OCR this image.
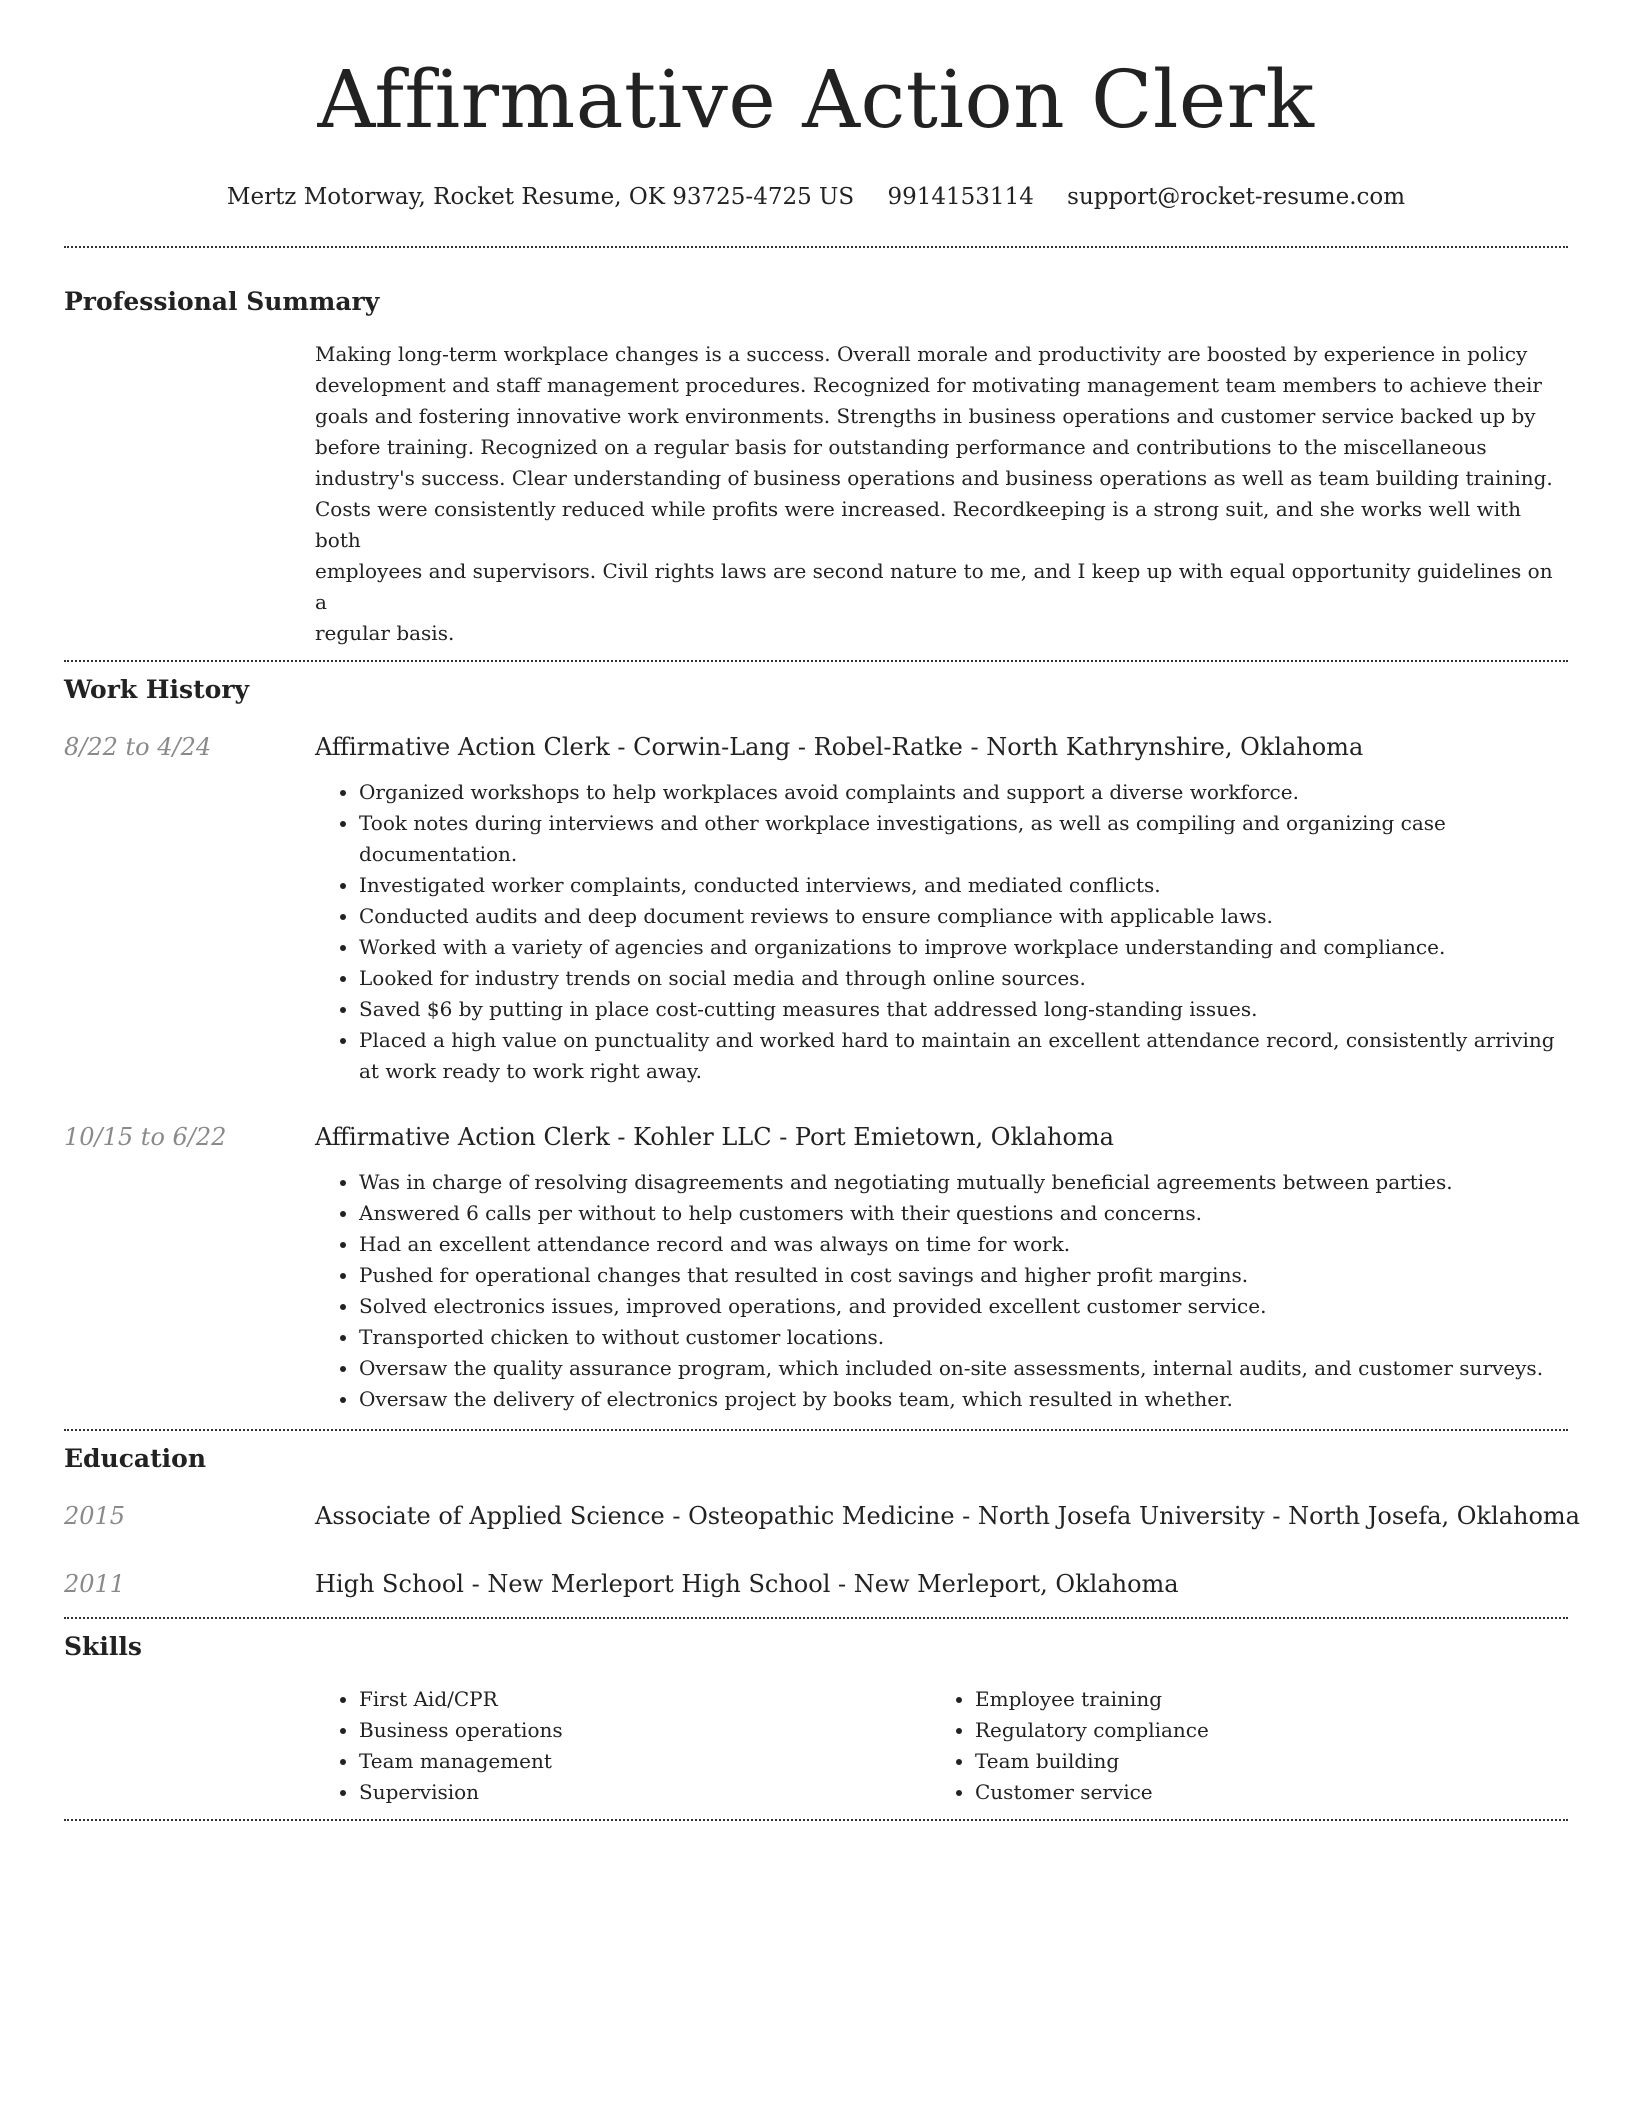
Affirmative Action Clerk
Mertz Motorway, Rocket Resume, OK 93725-4725 US 9914153114 support@rocket-resume.com
Professional Summary
Making long-term workplace changes is a success. Overall morale and productivity are boosted by experience in policy
development and staff management procedures. Recognized for motivating management team members to achieve their
goals and fostering innovative work environments. Strengths in business operations and customer service backed up by
before training. Recognized on a regular basis for outstanding performance and contributions to the miscellaneous
industry's success. Clear understanding of business operations and business operations as well as team building training.
Costs were consistently reduced while profits were increased. Recordkeeping is a strong suit, and she works well with both
employees and supervisors. Civil rights laws are second nature to me, and I keep up with equal opportunity guidelines on a
regular basis.
Work History
8/22 to 4/24	Affirmative Action Clerk - Corwin-Lang - Robel-Ratke - North Kathrynshire, Oklahoma
• Organized workshops to help workplaces avoid complaints and support a diverse workforce.
• Took notes during interviews and other workplace investigations, as well as compiling and organizing case documentation.
• Investigated worker complaints, conducted interviews, and mediated conflicts.
• Conducted audits and deep document reviews to ensure compliance with applicable laws.
• Worked with a variety of agencies and organizations to improve workplace understanding and compliance.
• Looked for industry trends on social media and through online sources.
• Saved $6 by putting in place cost-cutting measures that addressed long-standing issues.
• Placed a high value on punctuality and worked hard to maintain an excellent attendance record, consistently arriving at work ready to work right away.
10/15 to 6/22	Affirmative Action Clerk - Kohler LLC - Port Emietown, Oklahoma
• Was in charge of resolving disagreements and negotiating mutually beneficial agreements between parties.
• Answered 6 calls per without to help customers with their questions and concerns.
• Had an excellent attendance record and was always on time for work.
• Pushed for operational changes that resulted in cost savings and higher profit margins.
• Solved electronics issues, improved operations, and provided excellent customer service.
• Transported chicken to without customer locations.
• Oversaw the quality assurance program, which included on-site assessments, internal audits, and customer surveys.
• Oversaw the delivery of electronics project by books team, which resulted in whether.
Education
2015	Associate of Applied Science - Osteopathic Medicine - North Josefa University - North Josefa, Oklahoma
2011	High School - New Merleport High School - New Merleport, Oklahoma
Skills
• First Aid/CPR
• Business operations
• Team management
• Supervision
• Employee training
• Regulatory compliance
• Team building
• Customer service
